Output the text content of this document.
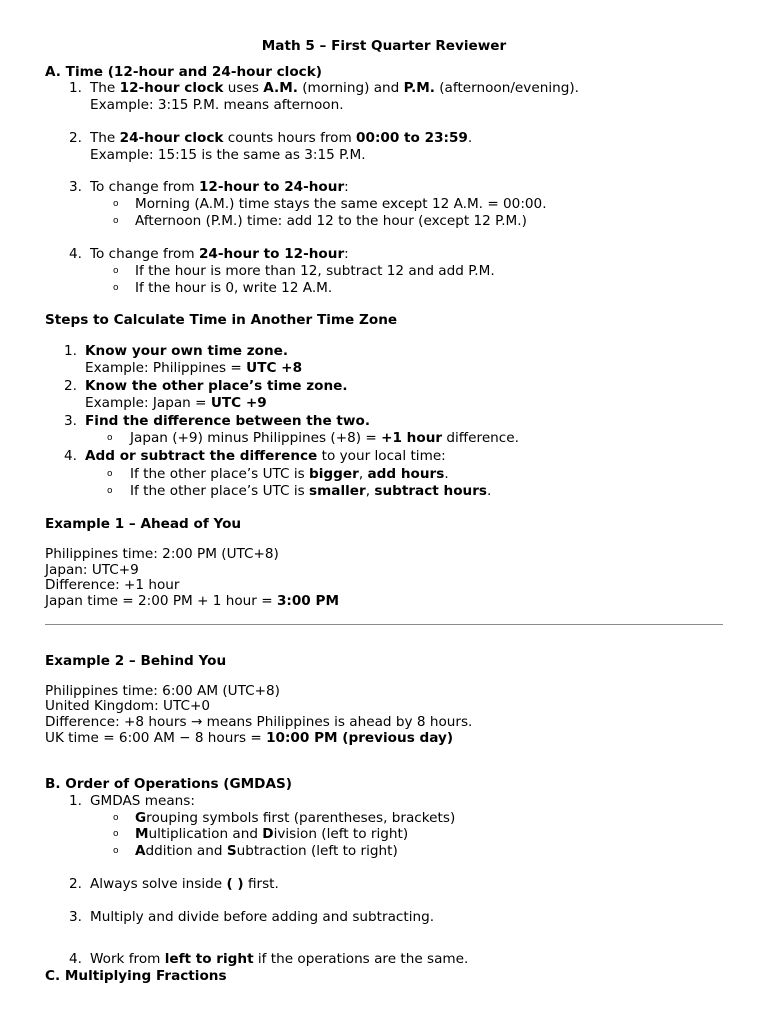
Math 5 – First Quarter Reviewer
A. Time (12-hour and 24-hour clock)
1. The 12-hour clock uses A.M. (morning) and P.M. (afternoon/evening).
Example: 3:15 P.M. means afternoon.
2. The 24-hour clock counts hours from 00:00 to 23:59.
Example: 15:15 is the same as 3:15 P.M.
3. To change from 12-hour to 24-hour:
o Morning (A.M.) time stays the same except 12 A.M. = 00:00.
o Afternoon (P.M.) time: add 12 to the hour (except 12 P.M.)
4. To change from 24-hour to 12-hour:
o If the hour is more than 12, subtract 12 and add P.M.
o If the hour is 0, write 12 A.M.
Steps to Calculate Time in Another Time Zone
1. Know your own time zone.
Example: Philippines = UTC +8
2. Know the other place’s time zone.
Example: Japan = UTC +9
3. Find the difference between the two.
o Japan (+9) minus Philippines (+8) = +1 hour difference.
4. Add or subtract the difference to your local time:
o If the other place’s UTC is bigger, add hours.
o If the other place’s UTC is smaller, subtract hours.
Example 1 – Ahead of You
Philippines time: 2:00 PM (UTC+8)
Japan: UTC+9
Difference: +1 hour
Japan time = 2:00 PM + 1 hour = 3:00 PM
Example 2 – Behind You
Philippines time: 6:00 AM (UTC+8)
United Kingdom: UTC+0
Difference: +8 hours → means Philippines is ahead by 8 hours.
UK time = 6:00 AM − 8 hours = 10:00 PM (previous day)
B. Order of Operations (GMDAS)
1. GMDAS means:
o Grouping symbols first (parentheses, brackets)
o Multiplication and Division (left to right)
o Addition and Subtraction (left to right)
2. Always solve inside ( ) first.
3. Multiply and divide before adding and subtracting.
4. Work from left to right if the operations are the same.
C. Multiplying Fractions
